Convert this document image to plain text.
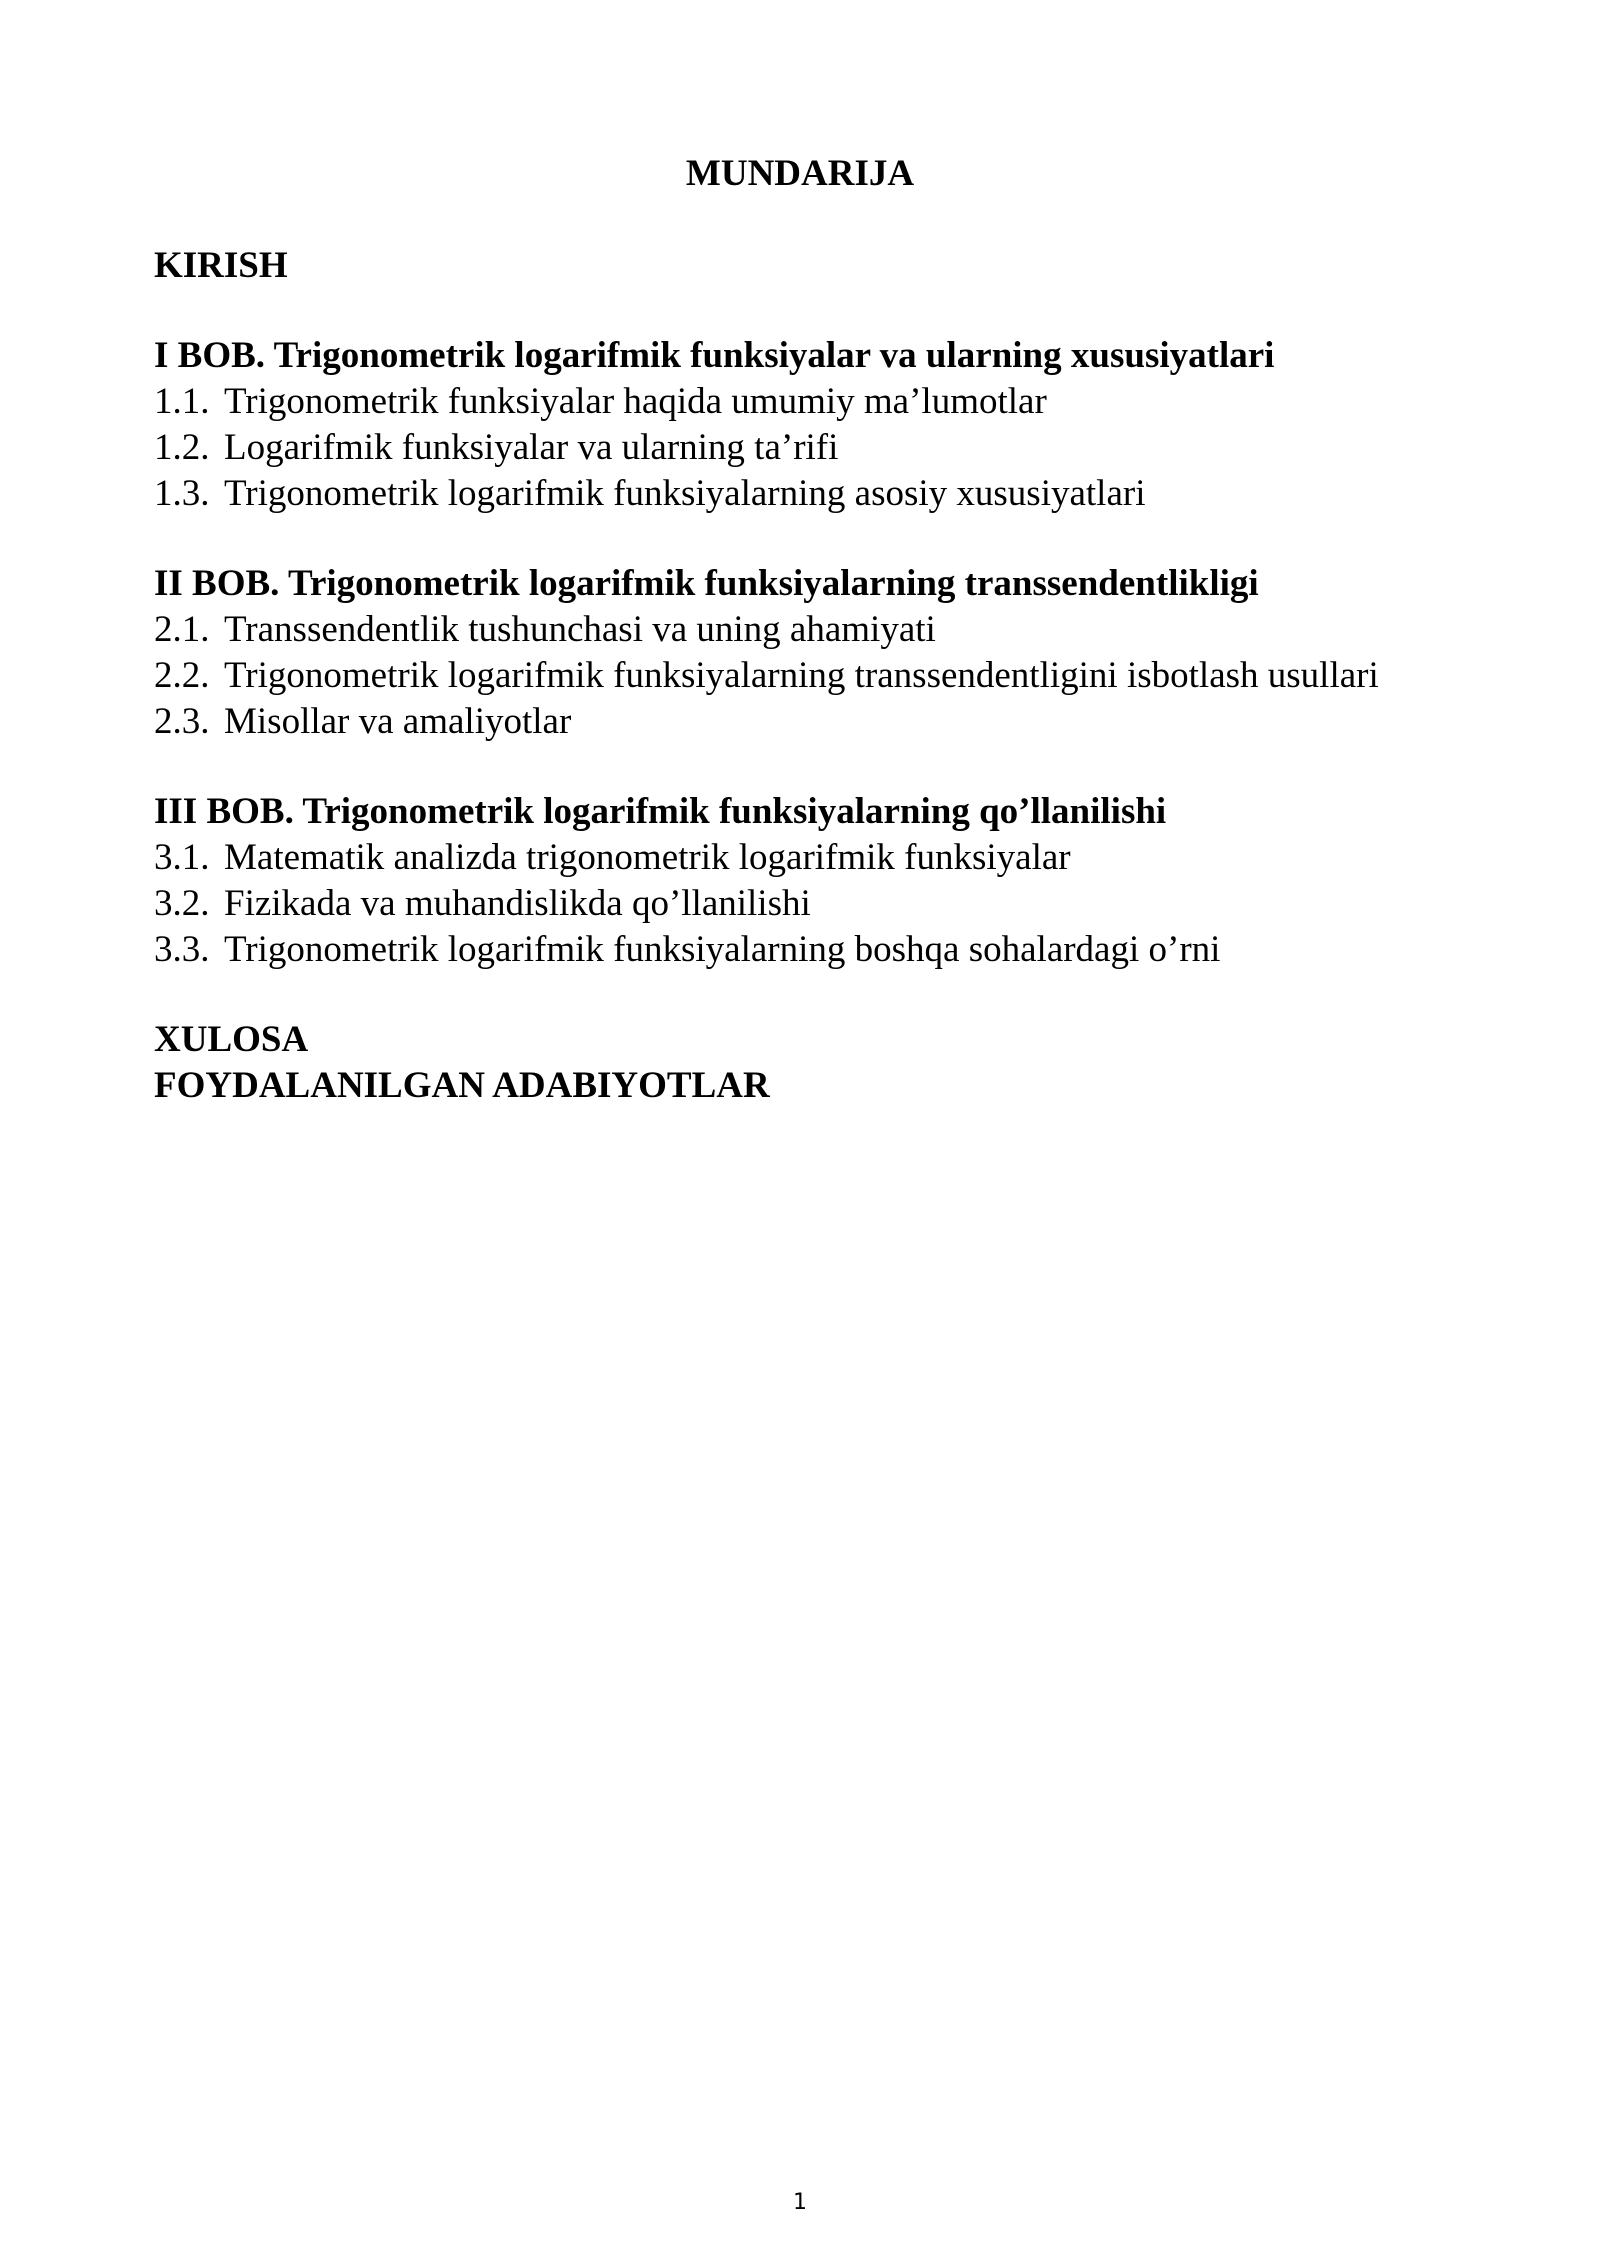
MUNDARIJA
KIRISH
I BOB. Trigonometrik logarifmik funksiyalar va ularning xususiyatlari
1.1. Trigonometrik funksiyalar haqida umumiy ma’lumotlar
1.2. Logarifmik funksiyalar va ularning ta’rifi
1.3. Trigonometrik logarifmik funksiyalarning asosiy xususiyatlari
II BOB. Trigonometrik logarifmik funksiyalarning transsendentlikligi
2.1. Transsendentlik tushunchasi va uning ahamiyati
2.2. Trigonometrik logarifmik funksiyalarning transsendentligini isbotlash usullari
2.3. Misollar va amaliyotlar
III BOB. Trigonometrik logarifmik funksiyalarning qo’llanilishi
3.1. Matematik analizda trigonometrik logarifmik funksiyalar
3.2. Fizikada va muhandislikda qo’llanilishi
3.3. Trigonometrik logarifmik funksiyalarning boshqa sohalardagi o’rni
XULOSA
FOYDALANILGAN ADABIYOTLAR
1
